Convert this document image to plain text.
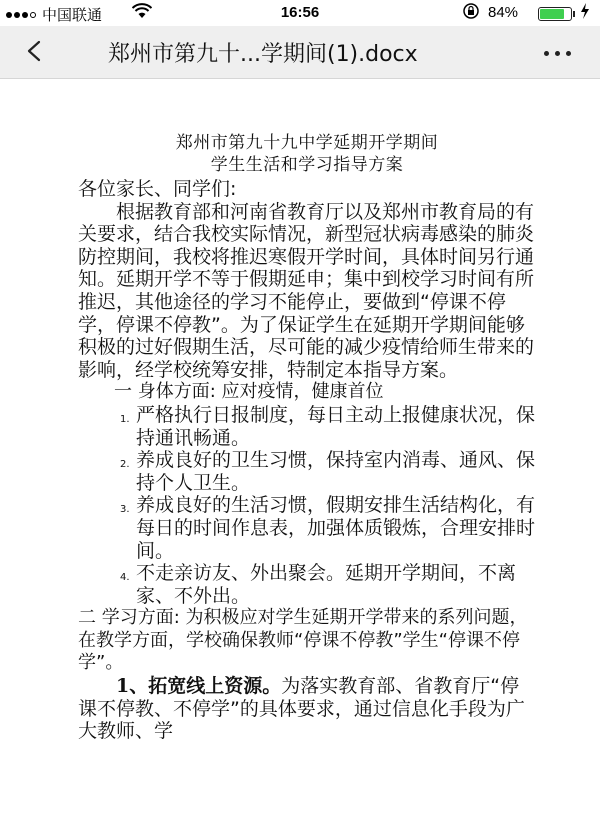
中国联通	16:56	84%
郑州市第九十...学期间(1).docx
郑州市第九十九中学延期开学期间
学生生活和学习指导方案

各位家长、同学们:

根据教育部和河南省教育厅以及郑州市教育局的有关要求，结合我校实际情况，新型冠状病毒感染的肺炎防控期间，我校将推迟寒假开学时间，具体时间另行通知。延期开学不等于假期延申；集中到校学习时间有所推迟，其他途径的学习不能停止，要做到“停课不停学，停课不停教”。为了保证学生在延期开学期间能够积极的过好假期生活，尽可能的减少疫情给师生带来的影响，经学校统筹安排，特制定本指导方案。

一 身体方面: 应对疫情，健康首位

1. 严格执行日报制度，每日主动上报健康状况，保持通讯畅通。
2. 养成良好的卫生习惯，保持室内消毒、通风、保持个人卫生。
3. 养成良好的生活习惯，假期安排生活结构化，有每日的时间作息表，加强体质锻炼，合理安排时间。
4. 不走亲访友、外出聚会。延期开学期间，不离家、不外出。

二 学习方面: 为积极应对学生延期开学带来的系列问题，在教学方面，学校确保教师“停课不停教”学生“停课不停学”。

1、拓宽线上资源。为落实教育部、省教育厅“停课不停教、不停学”的具体要求，通过信息化手段为广大教师、学
